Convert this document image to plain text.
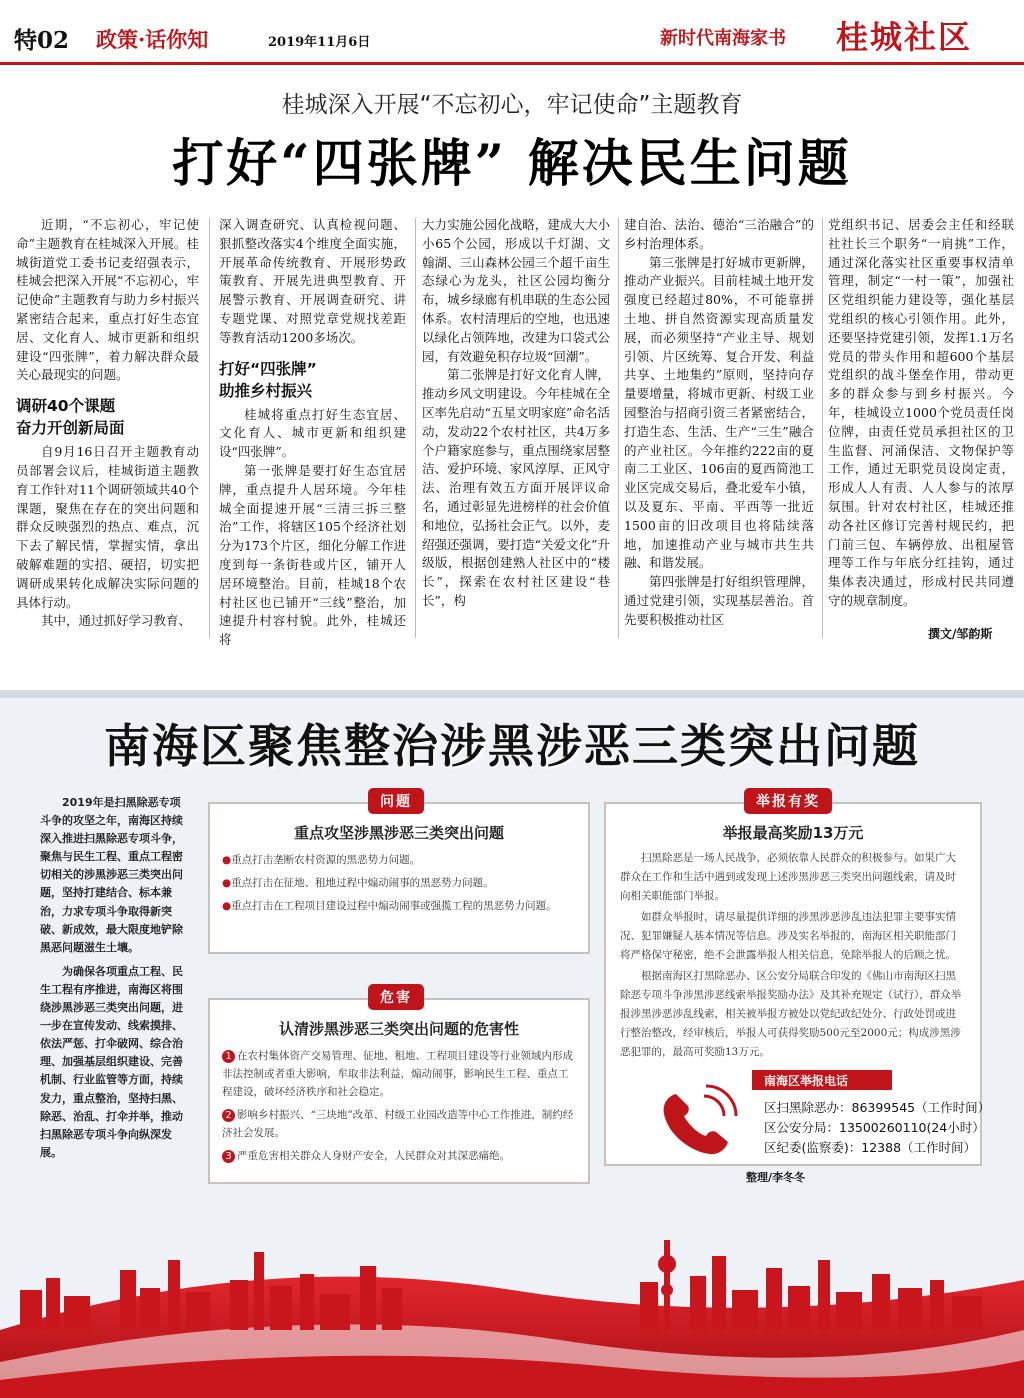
特02 政策·话你知	2019年11月6日	新时代南海家书 桂城社区
桂城深入开展“不忘初心，牢记使命”主题教育
打好“四张牌” 解决民生问题

近期，“不忘初心，牢记使命”主题教育在桂城深入开展。桂城街道党工委书记麦绍强表示，桂城会把深入开展“不忘初心，牢记使命”主题教育与助力乡村振兴紧密结合起来，重点打好生态宜居、文化育人、城市更新和组织建设“四张牌”，着力解决群众最关心最现实的问题。

调研40个课题
奋力开创新局面

自9月16日召开主题教育动员部署会议后，桂城街道主题教育工作针对11个调研领域共40个课题，聚焦在存在的突出问题和群众反映强烈的热点、难点，沉下去了解民情，掌握实情，拿出破解难题的实招、硬招，切实把调研成果转化成解决实际问题的具体行动。

其中，通过抓好学习教育、

深入调查研究、认真检视问题、狠抓整改落实4个维度全面实施，开展革命传统教育、开展形势政策教育、开展先进典型教育、开展警示教育、开展调查研究、讲专题党课、对照党章党规找差距等教育活动1200多场次。

打好“四张牌”
助推乡村振兴

桂城将重点打好生态宜居、文化育人、城市更新和组织建设“四张牌”。

第一张牌是要打好生态宜居牌，重点提升人居环境。今年桂城全面提速开展“三清三拆三整治”工作，将辖区105个经济社划分为173个片区，细化分解工作进度到每一条街巷或片区，铺开人居环境整治。目前，桂城18个农村社区也已铺开“三线”整治，加速提升村容村貌。此外，桂城还将

大力实施公园化战略，建成大大小小65个公园，形成以千灯湖、文翰湖、三山森林公园三个超千亩生态绿心为龙头，社区公园均衡分布，城乡绿廊有机串联的生态公园体系。农村清理后的空地，也迅速以绿化占领阵地，改建为口袋式公园，有效避免积存垃圾“回潮”。

第二张牌是打好文化育人牌，推动乡风文明建设。今年桂城在全区率先启动“五星文明家庭”命名活动，发动22个农村社区，共4万多个户籍家庭参与，重点围绕家居整洁、爱护环境、家风淳厚、正风守法、治理有效五方面开展评议命名，通过彰显先进榜样的社会价值和地位，弘扬社会正气。以外，麦绍强还强调，要打造“关爱文化”升级版，根据创建熟人社区中的“楼长”，探索在农村社区建设“巷长”，构

建自治、法治、德治“三治融合”的乡村治理体系。

第三张牌是打好城市更新牌，推动产业振兴。目前桂城土地开发强度已经超过80%，不可能靠拼土地、拼自然资源实现高质量发展，而必须坚持“产业主导、规划引领、片区统筹、复合开发、利益共享、土地集约”原则，坚持向存量要增量，将城市更新、村级工业园整治与招商引资三者紧密结合，打造生态、生活、生产“三生”融合的产业社区。今年推约222亩的夏南二工业区、106亩的夏西简池工业区完成交易后，叠北爱车小镇，以及夏东、平南、平西等一批近1500亩的旧改项目也将陆续落地，加速推动产业与城市共生共融、和谐发展。

第四张牌是打好组织管理牌，通过党建引领，实现基层善治。首先要积极推动社区

党组织书记、居委会主任和经联社社长三个职务“一肩挑”工作，通过深化落实社区重要事权清单管理，制定“一村一策”，加强社区党组织能力建设等，强化基层党组织的核心引领作用。此外，还要坚持党建引领，发挥1.1万名党员的带头作用和超600个基层党组织的战斗堡垒作用，带动更多的群众参与到乡村振兴。今年，桂城设立1000个党员责任岗位牌，由责任党员承担社区的卫生监督、河涌保洁、文物保护等工作，通过无职党员设岗定责，形成人人有责、人人参与的浓厚氛围。针对农村社区，桂城还推动各社区修订完善村规民约，把门前三包、车辆停放、出租屋管理等工作与年底分红挂钩，通过集体表决通过，形成村民共同遵守的规章制度。

撰文/邹韵斯
南海区聚焦整治涉黑涉恶三类突出问题

2019年是扫黑除恶专项斗争的攻坚之年，南海区持续深入推进扫黑除恶专项斗争，聚焦与民生工程、重点工程密切相关的涉黑涉恶三类突出问题，坚持打建结合、标本兼治，力求专项斗争取得新突破、新成效，最大限度地铲除黑恶问题滋生土壤。

为确保各项重点工程、民生工程有序推进，南海区将围绕涉黑涉恶三类突出问题，进一步在宣传发动、线索摸排、依法严惩、打伞破网、综合治理、加强基层组织建设、完善机制、行业监管等方面，持续发力，重点整治，坚持扫黑、除恶、治乱、打伞并举，推动扫黑除恶专项斗争向纵深发展。

问题
重点攻坚涉黑涉恶三类突出问题
●重点打击垄断农村资源的黑恶势力问题。
●重点打击在征地、租地过程中煽动闹事的黑恶势力问题。
●重点打击在工程项目建设过程中煽动闹事或强揽工程的黑恶势力问题。
危害
认清涉黑涉恶三类突出问题的危害性
1 在农村集体资产交易管理、征地、租地、工程项目建设等行业领域内形成非法控制或者重大影响，牟取非法利益，煽动闹事，影响民生工程、重点工程建设，破坏经济秩序和社会稳定。
2 影响乡村振兴、“三块地”改革、村级工业园改造等中心工作推进，制约经济社会发展。
3 严重危害相关群众人身财产安全，人民群众对其深恶痛绝。
举报有奖
举报最高奖励13万元

扫黑除恶是一场人民战争，必须依靠人民群众的积极参与。如果广大群众在工作和生活中遇到或发现上述涉黑涉恶三类突出问题线索，请及时向相关职能部门举报。

如群众举报时，请尽量提供详细的涉黑涉恶涉乱违法犯罪主要事实情况、犯罪嫌疑人基本情况等信息。涉及实名举报的，南海区相关职能部门将严格保守秘密，绝不会泄露举报人相关信息，免除举报人的后顾之忧。

根据南海区打黑除恶办、区公安分局联合印发的《佛山市南海区扫黑除恶专项斗争涉黑涉恶线索举报奖励办法》及其补充规定（试行），群众举报涉黑涉恶涉乱线索，相关被举报方被处以党纪政纪处分、行政处罚或进行整治整改，经审核后，举报人可获得奖励500元至2000元；构成涉黑涉恶犯罪的，最高可奖励13万元。

南海区举报电话
区扫黑除恶办：86399545（工作时间）
区公安分局：13500260110(24小时）
区纪委(监察委)：12388（工作时间）
整理/李冬冬
